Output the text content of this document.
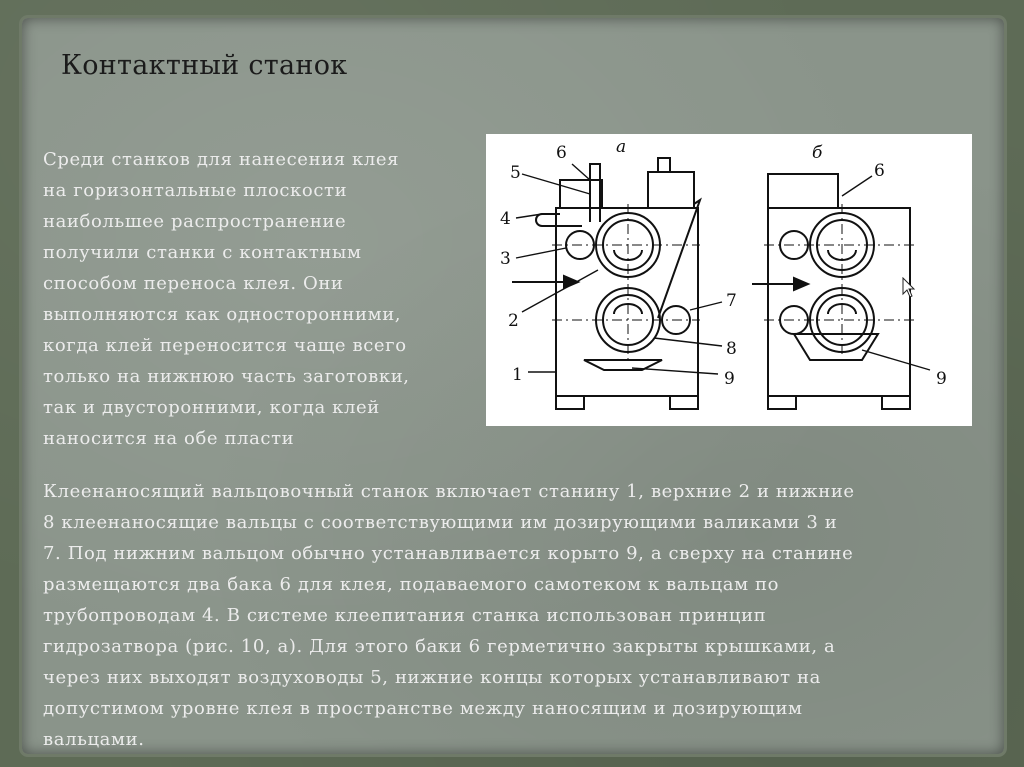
Контактный станок
Среди станков для нанесения клея
на горизонтальные плоскости
наибольшее распространение
получили станки с контактным
способом переноса клея. Они
выполняются как односторонними,
когда клей переносится чаще всего
только на нижнюю часть заготовки,
так и двусторонними, когда клей
наносится на обе пласти
6
5
4
3
2
1
7
8
9
а
6
9
б
Клеенаносящий вальцовочный станок включает станину 1, верхние 2 и нижние
8 клеенаносящие вальцы с соответствующими им дозирующими валиками 3 и
7. Под нижним вальцом обычно устанавливается корыто 9, а сверху на станине
размещаются два бака 6 для клея, подаваемого самотеком к вальцам по
трубопроводам 4. В системе клеепитания станка использован принцип
гидрозатвора (рис. 10, а). Для этого баки 6 герметично закрыты крышками, а
через них выходят воздуховоды 5, нижние концы которых устанавливают на
допустимом уровне клея в пространстве между наносящим и дозирующим
вальцами.
